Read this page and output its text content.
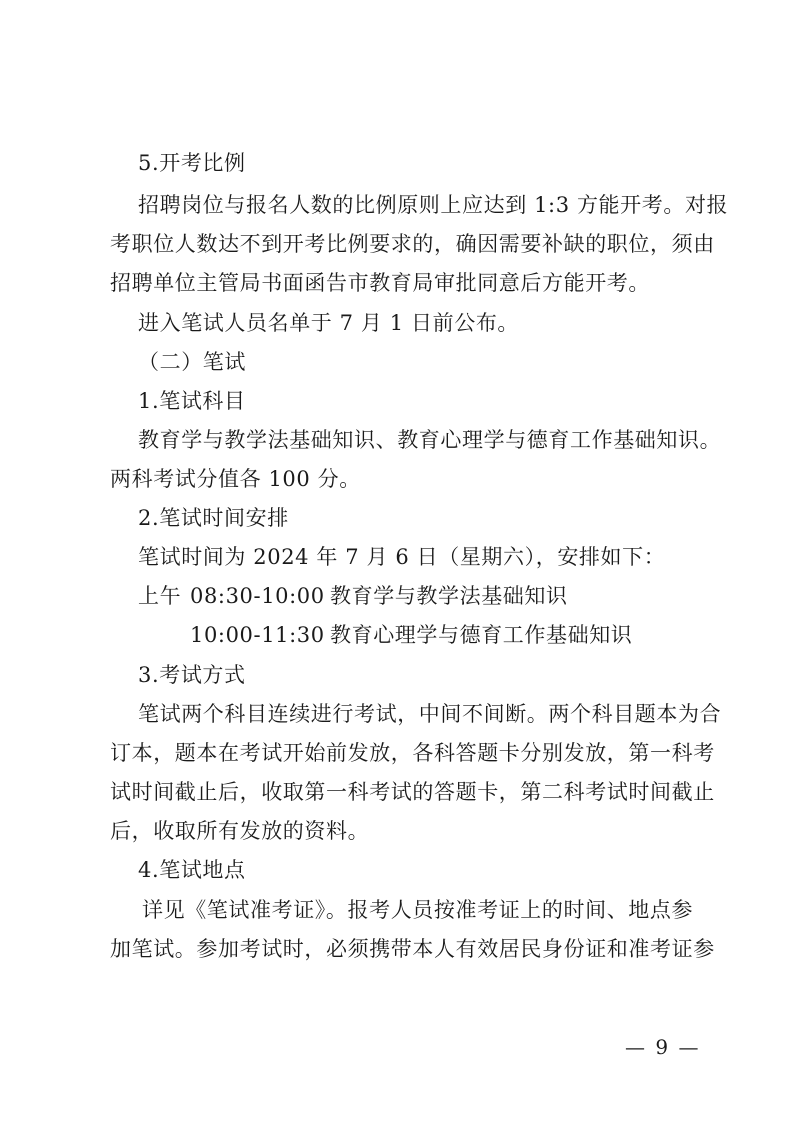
5.开考比例
招聘岗位与报名人数的比例原则上应达到 1:3 方能开考。对报
考职位人数达不到开考比例要求的，确因需要补缺的职位，须由
招聘单位主管局书面函告市教育局审批同意后方能开考。
进入笔试人员名单于 7 月 1 日前公布。
（二）笔试
1.笔试科目
教育学与教学法基础知识、教育心理学与德育工作基础知识。
两科考试分值各 100 分。
2.笔试时间安排
笔试时间为 2024 年 7 月 6 日（星期六），安排如下：
上午 08:30-10:00 教育学与教学法基础知识
10:00-11:30 教育心理学与德育工作基础知识
3.考试方式
笔试两个科目连续进行考试，中间不间断。两个科目题本为合
订本，题本在考试开始前发放，各科答题卡分别发放，第一科考
试时间截止后，收取第一科考试的答题卡，第二科考试时间截止
后，收取所有发放的资料。
4.笔试地点
详见《笔试准考证》。报考人员按准考证上的时间、地点参
加笔试。参加考试时，必须携带本人有效居民身份证和准考证参
— 9 —
